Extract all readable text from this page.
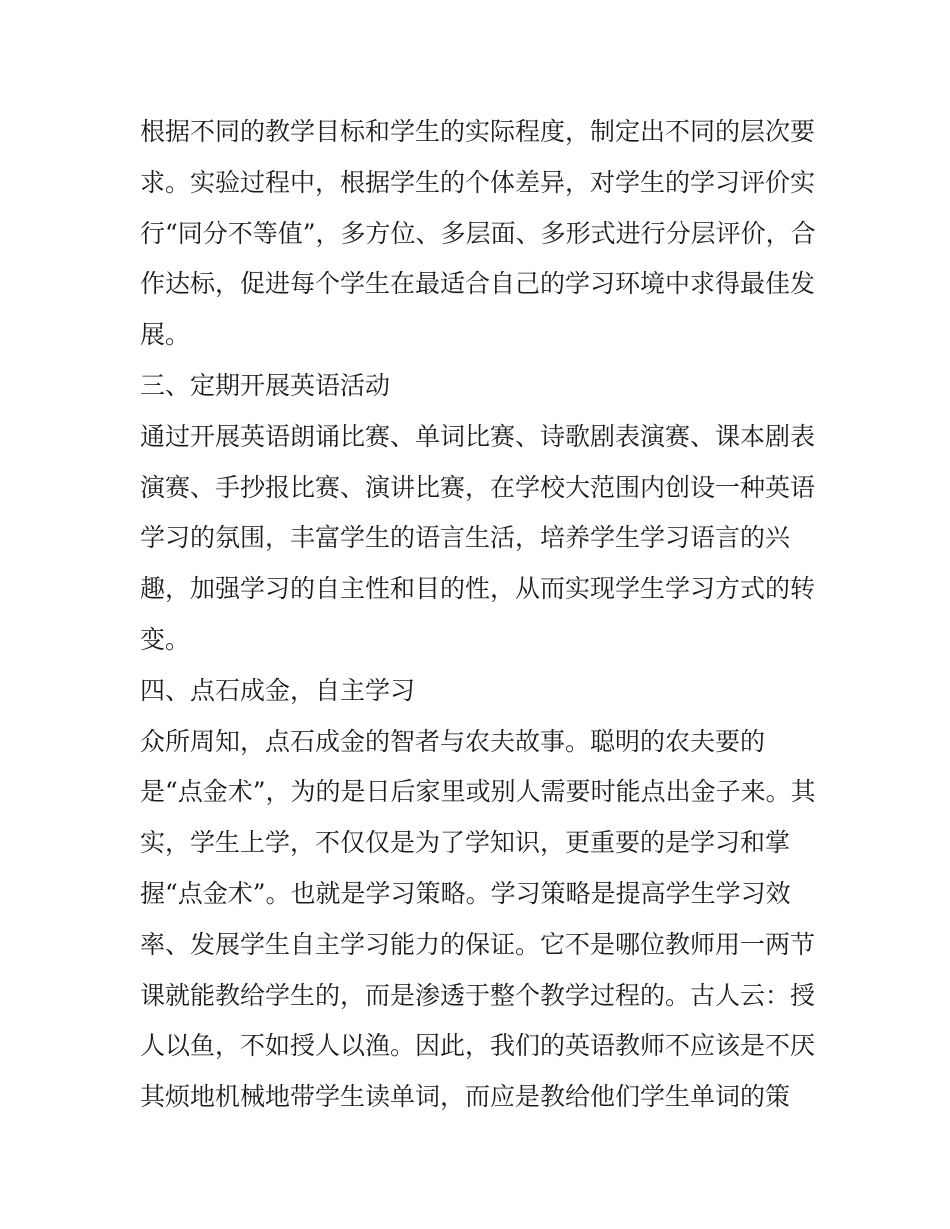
根据不同的教学目标和学生的实际程度，制定出不同的层次要
求。实验过程中，根据学生的个体差异，对学生的学习评价实
行“同分不等值”，多方位、多层面、多形式进行分层评价，合
作达标，促进每个学生在最适合自己的学习环境中求得最佳发
展。
三、定期开展英语活动
通过开展英语朗诵比赛、单词比赛、诗歌剧表演赛、课本剧表
演赛、手抄报比赛、演讲比赛，在学校大范围内创设一种英语
学习的氛围，丰富学生的语言生活，培养学生学习语言的兴
趣，加强学习的自主性和目的性，从而实现学生学习方式的转
变。
四、点石成金，自主学习
众所周知，点石成金的智者与农夫故事。聪明的农夫要的
是“点金术”，为的是日后家里或别人需要时能点出金子来。其
实，学生上学，不仅仅是为了学知识，更重要的是学习和掌
握“点金术”。也就是学习策略。学习策略是提高学生学习效
率、发展学生自主学习能力的保证。它不是哪位教师用一两节
课就能教给学生的，而是渗透于整个教学过程的。古人云：授
人以鱼，不如授人以渔。因此，我们的英语教师不应该是不厌
其烦地机械地带学生读单词，而应是教给他们学生单词的策
